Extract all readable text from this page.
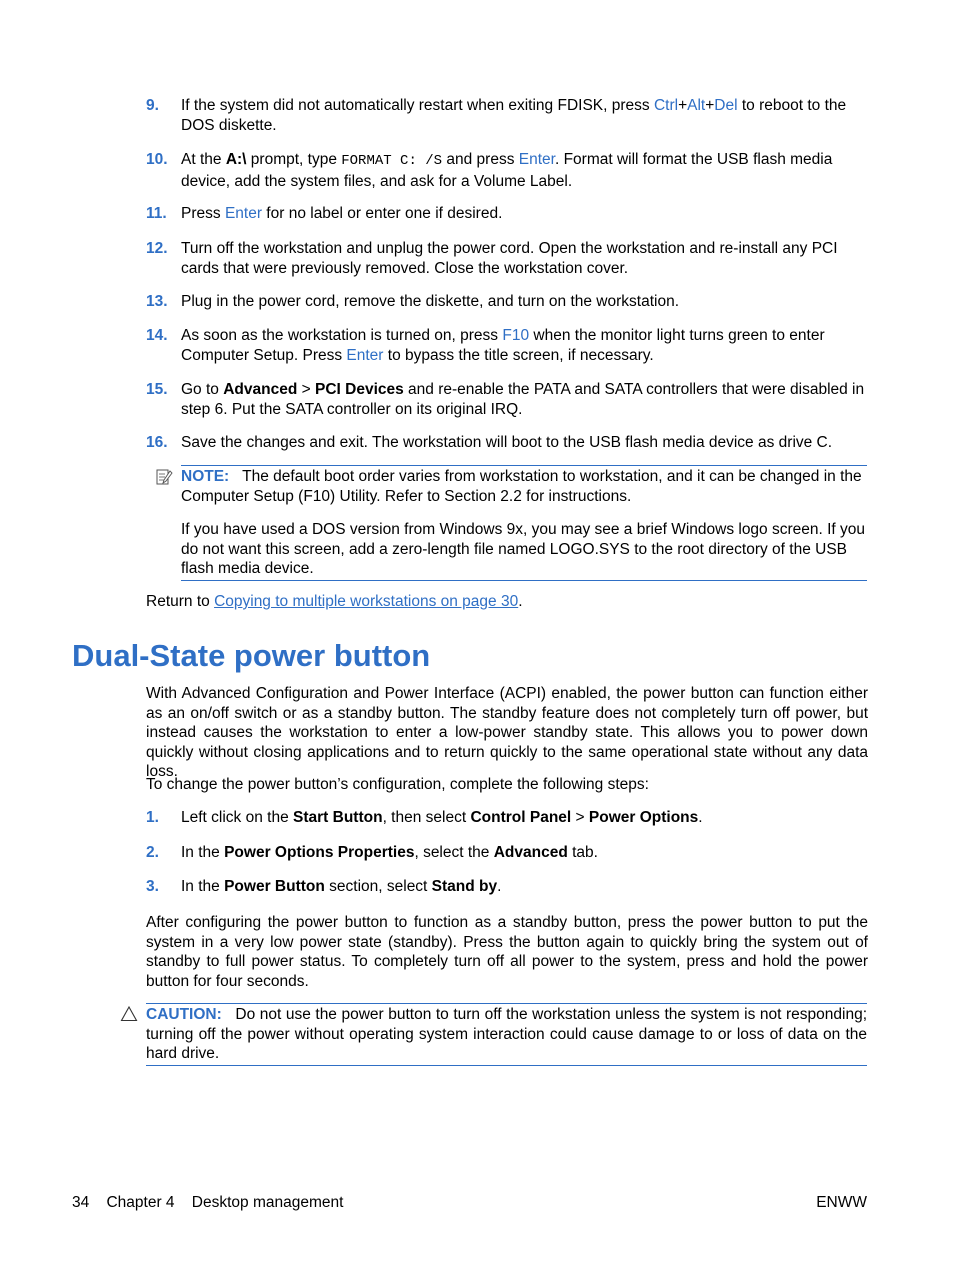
9. If the system did not automatically restart when exiting FDISK, press Ctrl+Alt+Del to reboot to the DOS diskette.
10. At the A:\ prompt, type FORMAT C: /S and press Enter. Format will format the USB flash media device, add the system files, and ask for a Volume Label.
11. Press Enter for no label or enter one if desired.
12. Turn off the workstation and unplug the power cord. Open the workstation and re-install any PCI cards that were previously removed. Close the workstation cover.
13. Plug in the power cord, remove the diskette, and turn on the workstation.
14. As soon as the workstation is turned on, press F10 when the monitor light turns green to enter Computer Setup. Press Enter to bypass the title screen, if necessary.
15. Go to Advanced > PCI Devices and re-enable the PATA and SATA controllers that were disabled in step 6. Put the SATA controller on its original IRQ.
16. Save the changes and exit. The workstation will boot to the USB flash media device as drive C.
NOTE: The default boot order varies from workstation to workstation, and it can be changed in the Computer Setup (F10) Utility. Refer to Section 2.2 for instructions.
If you have used a DOS version from Windows 9x, you may see a brief Windows logo screen. If you do not want this screen, add a zero-length file named LOGO.SYS to the root directory of the USB flash media device.
Return to Copying to multiple workstations on page 30.
Dual-State power button
With Advanced Configuration and Power Interface (ACPI) enabled, the power button can function either as an on/off switch or as a standby button. The standby feature does not completely turn off power, but instead causes the workstation to enter a low-power standby state. This allows you to power down quickly without closing applications and to return quickly to the same operational state without any data loss.
To change the power button’s configuration, complete the following steps:
1. Left click on the Start Button, then select Control Panel > Power Options.
2. In the Power Options Properties, select the Advanced tab.
3. In the Power Button section, select Stand by.
After configuring the power button to function as a standby button, press the power button to put the system in a very low power state (standby). Press the button again to quickly bring the system out of standby to full power status. To completely turn off all power to the system, press and hold the power button for four seconds.
CAUTION: Do not use the power button to turn off the workstation unless the system is not responding; turning off the power without operating system interaction could cause damage to or loss of data on the hard drive.
34 Chapter 4 Desktop management	ENWW
